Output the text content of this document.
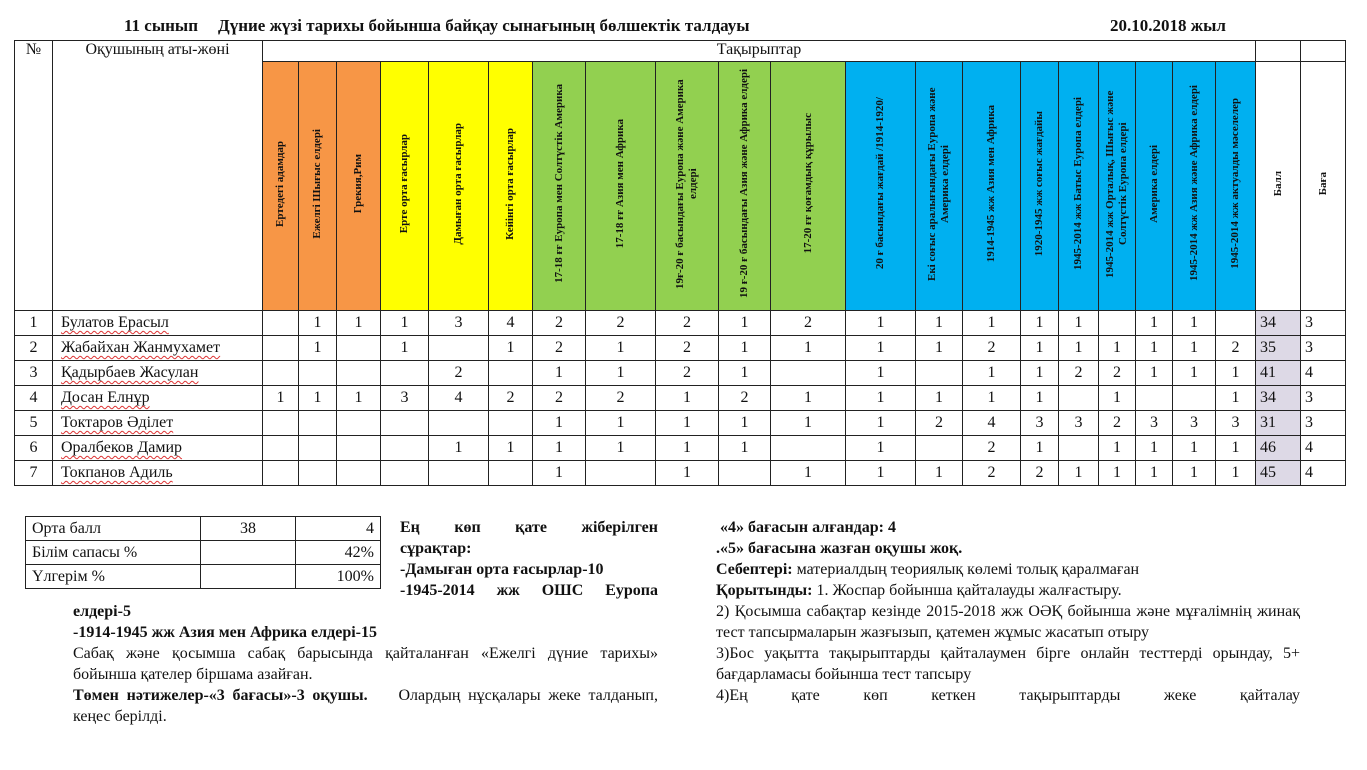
11 сынып Дүние жүзі тарихы бойынша байқау сынағының бөлшектік талдауы	20.10.2018 жыл
№	Оқушының аты-жөні	Тақырыптар																					
		Ертедегі адамдар	Ежелгі Шығыс елдері	Грекия,Рим	Ерте орта ғасырлар	Дамыған орта ғасырлар	Кейінгі орта ғасырлар	17-18 ғғ Еуропа мен Солтүстік Америка	17-18 ғғ Азия мен Африка	19ғ-20 ғ басындағы Еуропа және Америка елдері	19 ғ-20 ғ басындағы Азия және Африка елдері	17-20 ғғ қоғамдық құрылыс	20 ғ басындағы жағдай /1914-1920/	Екі соғыс аралығындағы Еуропа және Америка елдері	1914-1945 жж Азия мен Африка	1920-1945 жж соғыс жағдайы	1945-2014 жж Батыс Еуропа елдері	1945-2014 жж Орталық, Шығыс және Солтүстік Еуропа елдері	Америка елдері	1945-2014 жж Азия және Африка елдері	1945-2014 жж актуалды мәселелер	Балл	Баға
1	Булатов Ерасыл		1	1	1	3	4	2	2	2	1	2	1	1	1	1	1		1	1		34	3
2	Жабайхан Жанмухамет		1		1		1	2	1	2	1	1	1	1	2	1	1	1	1	1	2	35	3
3	Қадырбаев Жасулан					2		1	1	2	1		1		1	1	2	2	1	1	1	41	4
4	Досан Елнұр	1	1	1	3	4	2	2	2	1	2	1	1	1	1	1		1			1	34	3
5	Токтаров Әділет							1	1	1	1	1	1	2	4	3	3	2	3	3	3	31	3
6	Оралбеков Дамир					1	1	1	1	1	1		1		2	1		1	1	1	1	46	4
7	Токпанов Адиль							1		1		1	1	1	2	2	1	1	1	1	1	45	4
Орта балл	38	4
Білім сапасы %		42%
Үлгерім %		100%
Ең көп қате жіберілген
сұрақтар:
-Дамыған орта ғасырлар-10
-1945-2014 жж ОШС Еуропа
елдері-5
-1914-1945 жж Азия мен Африка елдері-15
Сабақ және қосымша сабақ барысында қайталанған «Ежелгі дүние тарихы» бойынша қателер біршама азайған.
Төмен нәтижелер-«3 бағасы»-3 оқушы.    Олардың нұсқалары жеке талданып, кеңес берілді.
«4» бағасын алғандар: 4
.«5» бағасына жазған оқушы жоқ.
Себептері: материалдың теориялық көлемі толық қаралмаған
Қорытынды: 1. Жоспар бойынша қайталауды жалғастыру.
2) Қосымша сабақтар кезінде 2015-2018 жж ОӘҚ бойынша және мұғалімнің жинақ тест тапсырмаларын жазғызып, қатемен жұмыс жасатып отыру
3)Бос уақытта тақырыптарды қайталаумен бірге онлайн тесттерді орындау, 5+ бағдарламасы бойынша тест тапсыру
4)Ең қате көп кеткен тақырыптарды жеке қайталау
